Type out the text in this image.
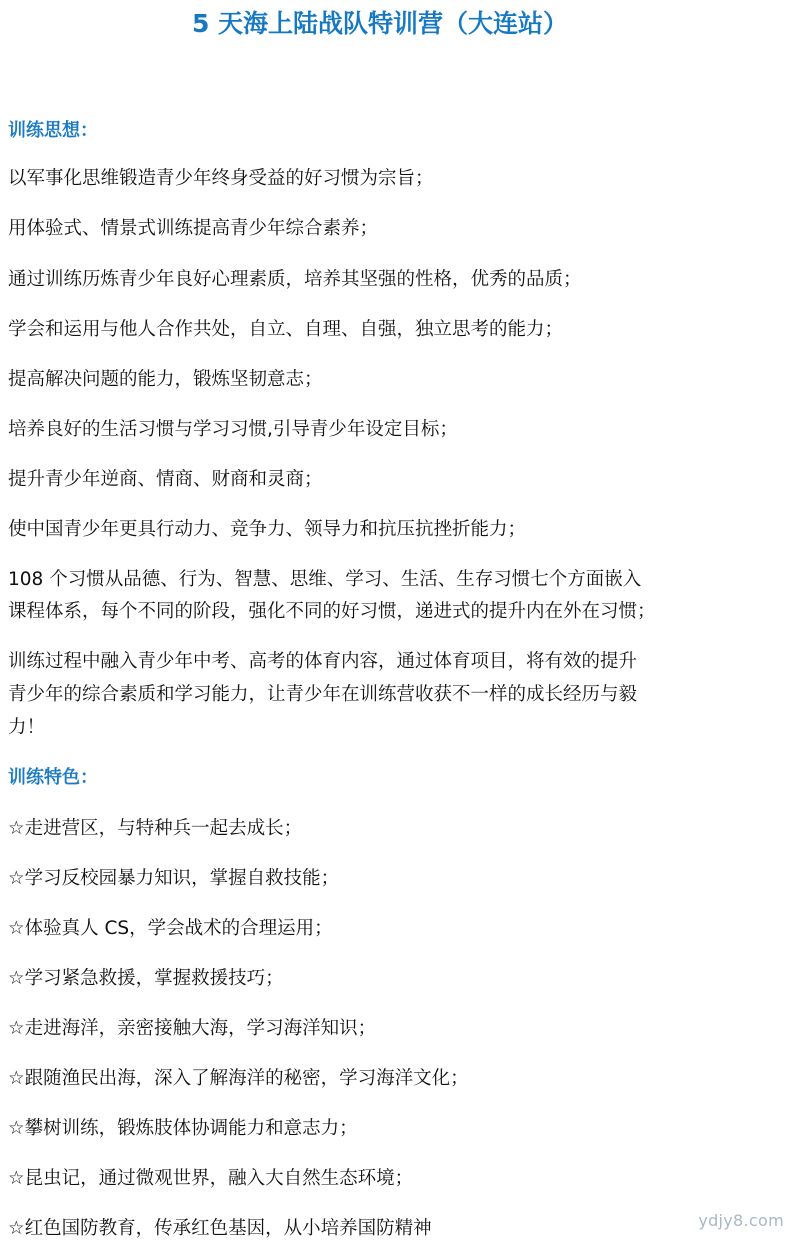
5 天海上陆战队特训营（大连站）
训练思想：
以军事化思维锻造青少年终身受益的好习惯为宗旨；
用体验式、情景式训练提高青少年综合素养；
通过训练历炼青少年良好心理素质，培养其坚强的性格，优秀的品质；
学会和运用与他人合作共处，自立、自理、自强，独立思考的能力；
提高解决问题的能力，锻炼坚韧意志；
培养良好的生活习惯与学习习惯,引导青少年设定目标；
提升青少年逆商、情商、财商和灵商；
使中国青少年更具行动力、竞争力、领导力和抗压抗挫折能力；
108 个习惯从品德、行为、智慧、思维、学习、生活、生存习惯七个方面嵌入
课程体系，每个不同的阶段，强化不同的好习惯，递进式的提升内在外在习惯；
训练过程中融入青少年中考、高考的体育内容，通过体育项目，将有效的提升
青少年的综合素质和学习能力，让青少年在训练营收获不一样的成长经历与毅
力！
训练特色：
☆走进营区，与特种兵一起去成长；
☆学习反校园暴力知识，掌握自救技能；
☆体验真人 CS，学会战术的合理运用；
☆学习紧急救援，掌握救援技巧；
☆走进海洋，亲密接触大海，学习海洋知识；
☆跟随渔民出海，深入了解海洋的秘密，学习海洋文化；
☆攀树训练，锻炼肢体协调能力和意志力；
☆昆虫记，通过微观世界，融入大自然生态环境；
☆红色国防教育，传承红色基因，从小培养国防精神	ydjy8.com
